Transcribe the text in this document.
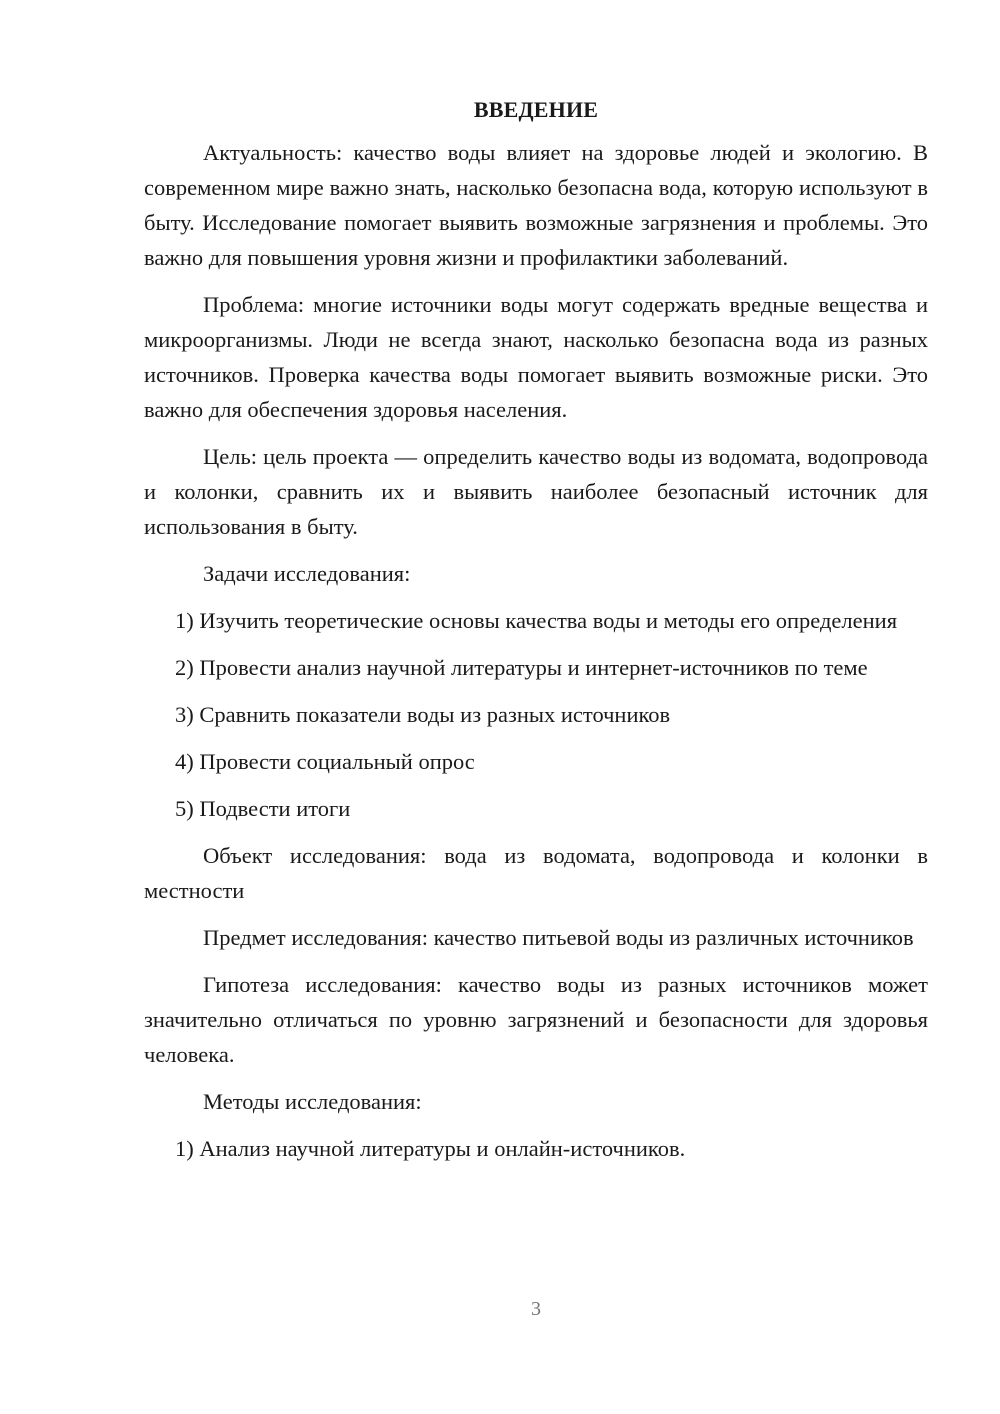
ВВЕДЕНИЕ

Актуальность: качество воды влияет на здоровье людей и экологию. В современном мире важно знать, насколько безопасна вода, которую используют в быту. Исследование помогает выявить возможные загрязнения и проблемы. Это важно для повышения уровня жизни и профилактики заболеваний.

Проблема: многие источники воды могут содержать вредные вещества и микроорганизмы. Люди не всегда знают, насколько безопасна вода из разных источников. Проверка качества воды помогает выявить возможные риски. Это важно для обеспечения здоровья населения.

Цель: цель проекта — определить качество воды из водомата, водопровода и колонки, сравнить их и выявить наиболее безопасный источник для использования в быту.

Задачи исследования:

1) Изучить теоретические основы качества воды и методы его определения

2) Провести анализ научной литературы и интернет-источников по теме

3) Сравнить показатели воды из разных источников

4) Провести социальный опрос

5) Подвести итоги

Объект исследования: вода из водомата, водопровода и колонки в местности

Предмет исследования: качество питьевой воды из различных источников

Гипотеза исследования: качество воды из разных источников может значительно отличаться по уровню загрязнений и безопасности для здоровья человека.

Методы исследования:

1) Анализ научной литературы и онлайн-источников.

3
